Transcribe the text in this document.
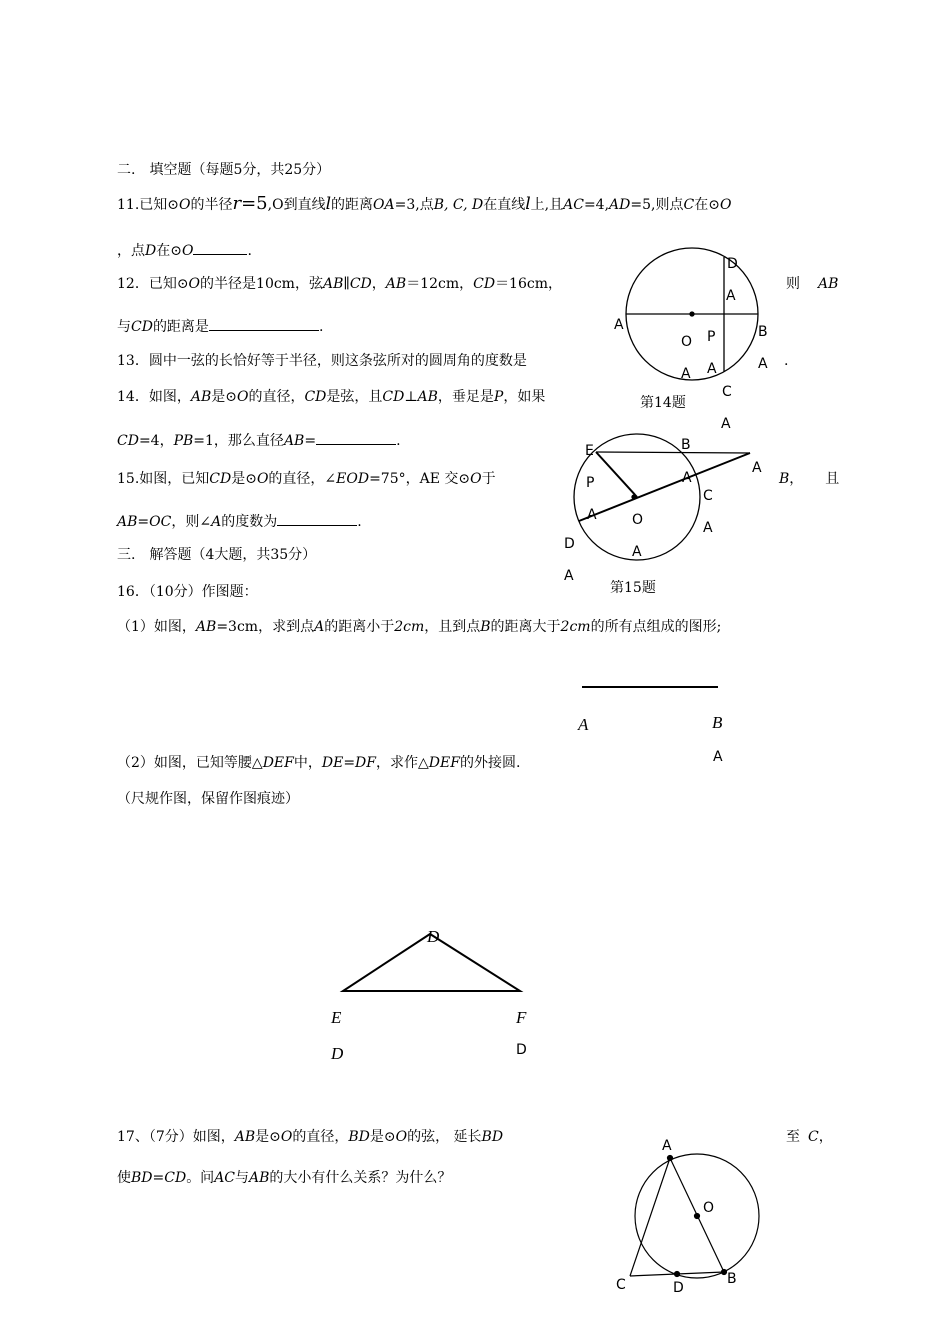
二.　填空题（每题5分，共25分）
11.已知⊙O的半径r=5,O到直线l的距离OA=3,点B, C, D在直线l上,且AC=4,AD=5,则点C在⊙O
，点D在⊙O	.
12．已知⊙O的半径是10cm，弦AB∥CD，AB＝12cm，CD＝16cm，	则 AB
与CD的距离是	.
13．圆中一弦的长恰好等于半径，则这条弦所对的圆周角的度数是	.
14．如图，AB是⊙O的直径，CD是弦，且CD⊥AB，垂足是P，如果
CD=4，PB=1，那么直径AB=	.
15.如图，已知CD是⊙O的直径，∠EOD=75°，AE 交⊙O于	B， 且
AB=OC，则∠A的度数为	.
三.　解答题（4大题，共35分）
16．（10分）作图题：
（1）如图，AB=3cm，求到点A的距离小于2cm，且到点B的距离大于2cm的所有点组成的图形;
（2）如图，已知等腰△DEF中，DE=DF，求作△DEF的外接圆.
（尺规作图，保留作图痕迹）
17、（7分）如图，AB是⊙O的直径，BD是⊙O的弦， 延长BD	至 C，
使BD=CD。问AC与AB的大小有什么关系？为什么？
D
A
A
O P	B
A
A A
C
A
第14题
E	B
A
A
P
C
A	O	A
D	A
A
第15题
A	B
A
D
E	F
D	D
A
O
C	D
B
